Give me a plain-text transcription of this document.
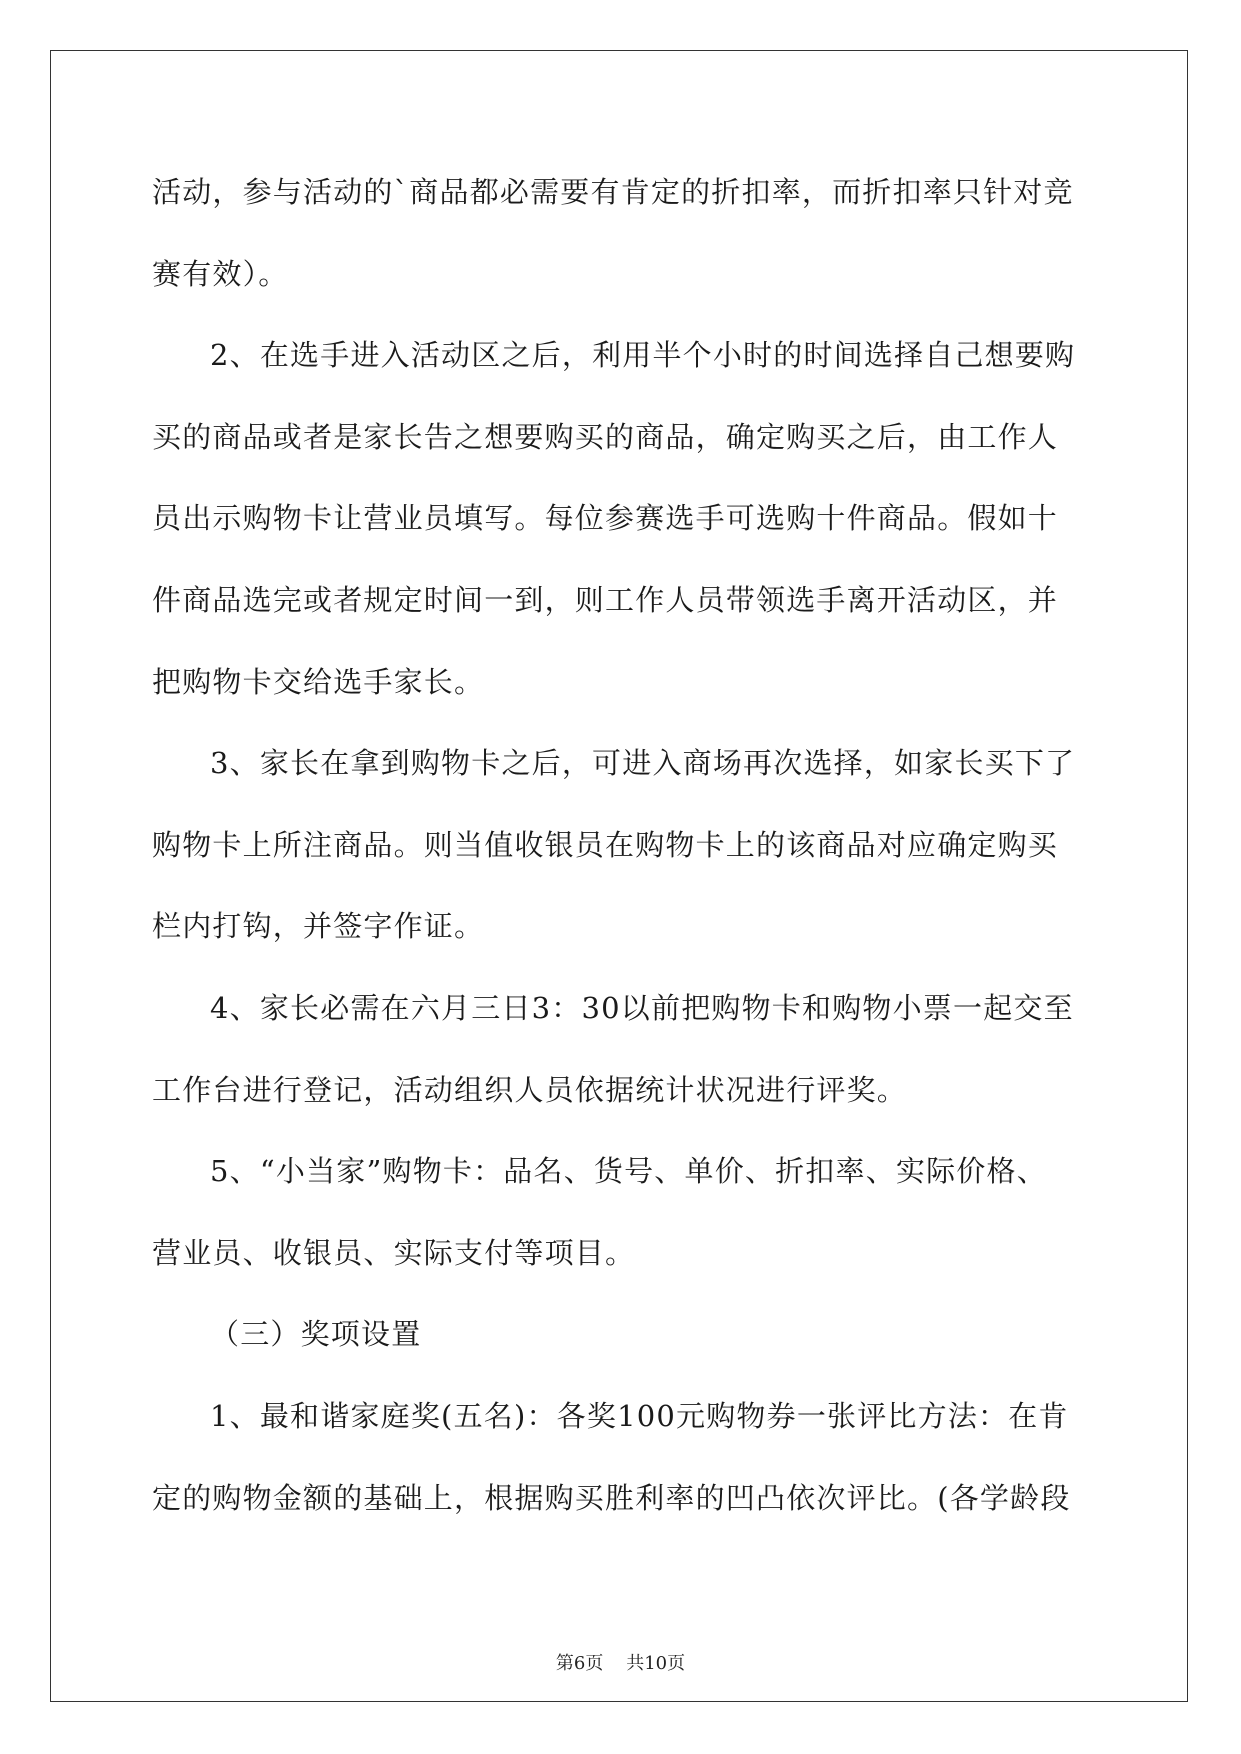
活动，参与活动的`商品都必需要有肯定的折扣率，而折扣率只针对竞
赛有效）。
2、在选手进入活动区之后，利用半个小时的时间选择自己想要购
买的商品或者是家长告之想要购买的商品，确定购买之后，由工作人
员出示购物卡让营业员填写。每位参赛选手可选购十件商品。假如十
件商品选完或者规定时间一到，则工作人员带领选手离开活动区，并
把购物卡交给选手家长。
3、家长在拿到购物卡之后，可进入商场再次选择，如家长买下了
购物卡上所注商品。则当值收银员在购物卡上的该商品对应确定购买
栏内打钩，并签字作证。
4、家长必需在六月三日3：30以前把购物卡和购物小票一起交至
工作台进行登记，活动组织人员依据统计状况进行评奖。
5、“小当家”购物卡：品名、货号、单价、折扣率、实际价格、
营业员、收银员、实际支付等项目。
（三）奖项设置
1、最和谐家庭奖(五名)：各奖100元购物券一张评比方法：在肯
定的购物金额的基础上，根据购买胜利率的凹凸依次评比。(各学龄段
第6页 共10页
